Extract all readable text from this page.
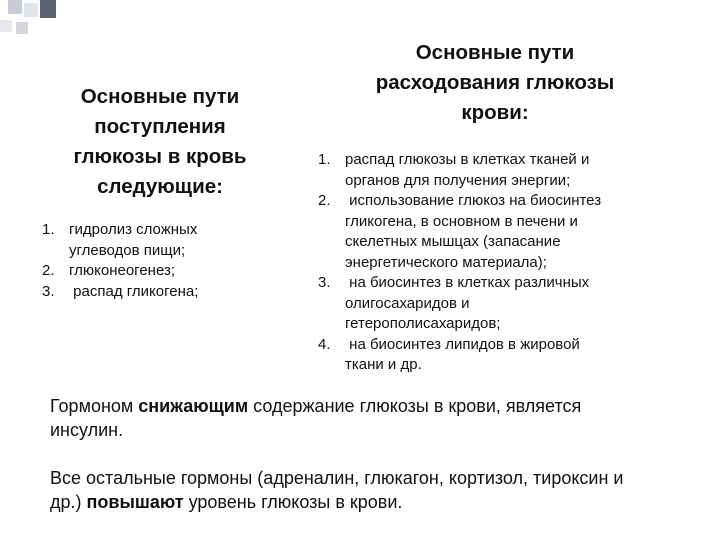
Основные пути
поступления
глюкозы в кровь
следующие:
Основные пути
расходования глюкозы
крови:
1. гидролиз сложных
углеводов пищи;
2. глюконеогенез;
3. распад гликогена;
1. распад глюкозы в клетках тканей и
органов для получения энергии;
2. использование глюкоз на биосинтез
гликогена, в основном в печени и
скелетных мышцах (запасание
энергетического материала);
3. на биосинтез в клетках различных
олигосахаридов и
гетерополисахаридов;
4. на биосинтез липидов в жировой
ткани и др.
Гормоном снижающим содержание глюкозы в крови, является
инсулин.
Все остальные гормоны (адреналин, глюкагон, кортизол, тироксин и
др.) повышают уровень глюкозы в крови.
